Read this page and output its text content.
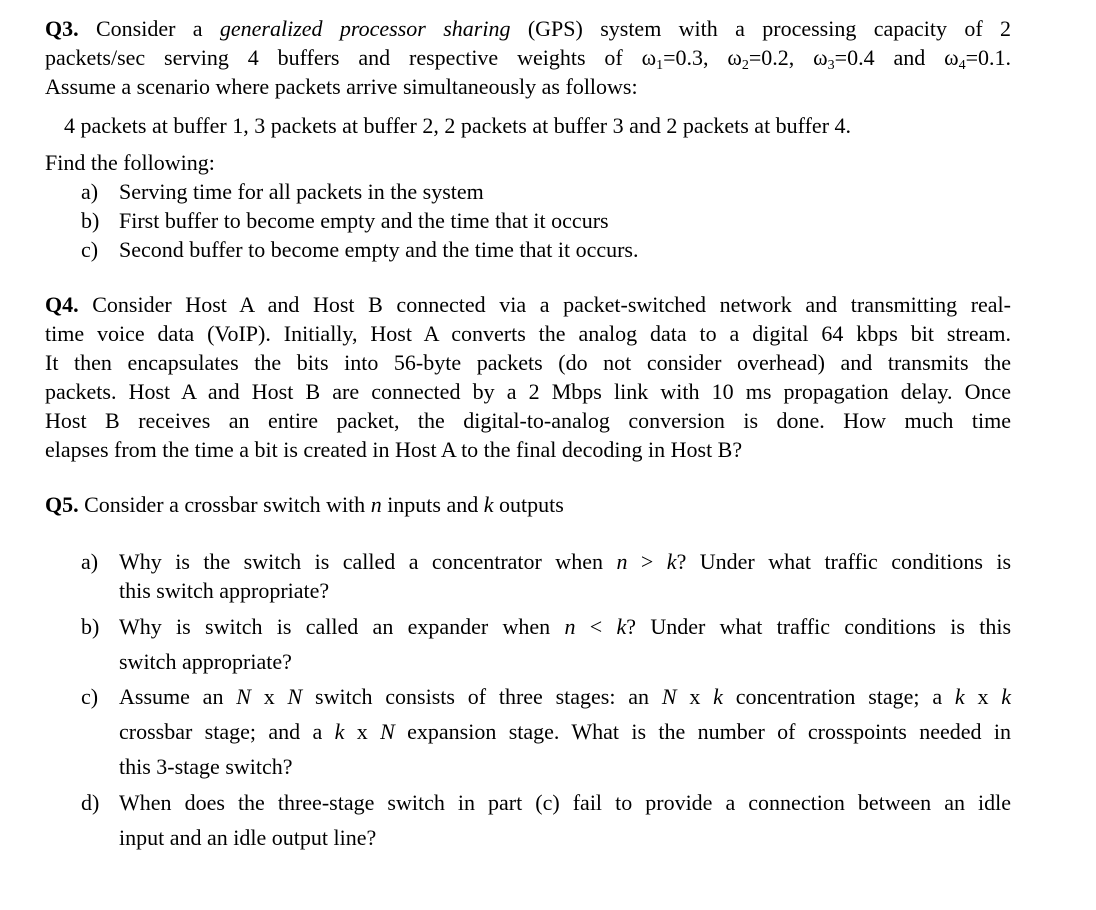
Q3. Consider a generalized processor sharing (GPS) system with a processing capacity of 2
packets/sec serving 4 buffers and respective weights of $\omega_1=0.3$, $\omega_2=0.2$, $\omega_3=0.4$ and $\omega_4=0.1$.
Assume a scenario where packets arrive simultaneously as follows:
4 packets at buffer 1, 3 packets at buffer 2, 2 packets at buffer 3 and 2 packets at buffer 4.
Find the following:
a) Serving time for all packets in the system
b) First buffer to become empty and the time that it occurs
c) Second buffer to become empty and the time that it occurs.
Q4. Consider Host A and Host B connected via a packet-switched network and transmitting real-
time voice data (VoIP). Initially, Host A converts the analog data to a digital 64 kbps bit stream.
It then encapsulates the bits into 56-byte packets (do not consider overhead) and transmits the
packets. Host A and Host B are connected by a 2 Mbps link with 10 ms propagation delay. Once
Host B receives an entire packet, the digital-to-analog conversion is done. How much time
elapses from the time a bit is created in Host A to the final decoding in Host B?
Q5. Consider a crossbar switch with n inputs and k outputs
a) Why is the switch is called a concentrator when n > k? Under what traffic conditions is
this switch appropriate?
b) Why is switch is called an expander when n < k? Under what traffic conditions is this
switch appropriate?
c) Assume an N x N switch consists of three stages: an N x k concentration stage; a k x k
crossbar stage; and a k x N expansion stage. What is the number of crosspoints needed in
this 3-stage switch?
d) When does the three-stage switch in part (c) fail to provide a connection between an idle
input and an idle output line?
